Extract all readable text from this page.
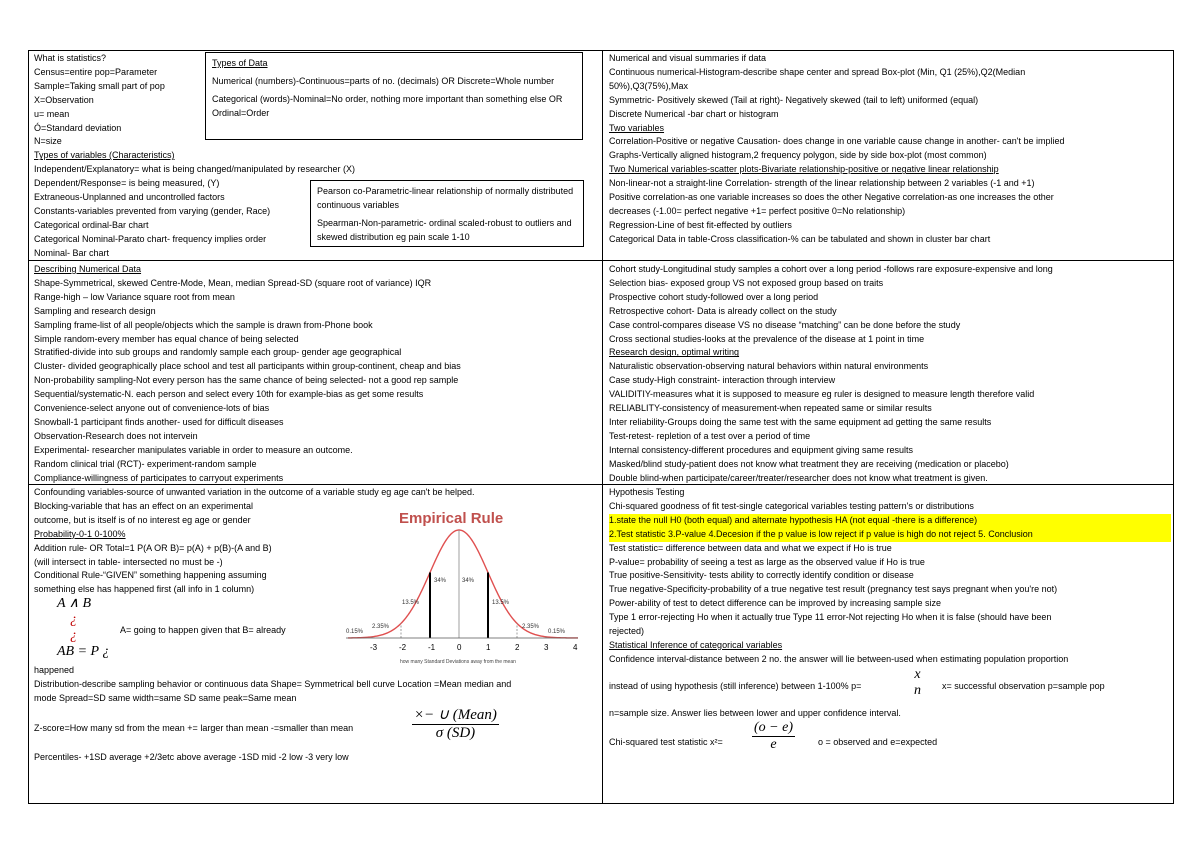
What is statistics?
Census=entire pop=Parameter
Sample=Taking small part of pop
X=Observation
u= mean
Ó=Standard deviation
N=size
Types of variables (Characteristics)
Independent/Explanatory= what is being changed/manipulated by researcher (X)
Dependent/Response= is being measured, (Y)
Extraneous-Unplanned and uncontrolled factors
Constants-variables prevented from varying (gender, Race)
Categorical ordinal-Bar chart
Categorical Nominal-Parato chart- frequency implies order
Nominal- Bar chart
Types of Data
Numerical (numbers)-Continuous=parts of no. (decimals) OR Discrete=Whole number
Categorical (words)-Nominal=No order, nothing more important than something else OR Ordinal=Order
Pearson co-Parametric-linear relationship of normally distributed continuous variables
Spearman-Non-parametric- ordinal scaled-robust to outliers and skewed distribution eg pain scale 1-10
Numerical and visual summaries if data
Continuous numerical-Histogram-describe shape center and spread Box-plot (Min, Q1 (25%),Q2(Median
50%),Q3(75%),Max
Symmetric- Positively skewed (Tail at right)- Negatively skewed (tail to left) uniformed (equal)
Discrete Numerical -bar chart or histogram
Two variables
Correlation-Positive or negative Causation- does change in one variable cause change in another- can't be implied
Graphs-Vertically aligned histogram,2 frequency polygon, side by side box-plot (most common)
Two Numerical variables-scatter plots-Bivariate relationship-positive or negative linear relationship
Non-linear-not a straight-line Correlation- strength of the linear relationship between 2 variables (-1 and +1)
Positive correlation-as one variable increases so does the other Negative correlation-as one increases the other
decreases (-1.00= perfect negative +1= perfect positive 0=No relationship)
Regression-Line of best fit-effected by outliers
Categorical Data in table-Cross classification-% can be tabulated and shown in cluster bar chart
Describing Numerical Data
Shape-Symmetrical, skewed Centre-Mode, Mean, median Spread-SD (square root of variance) IQR
Range-high – low Variance square root from mean
Sampling and research design
Sampling frame-list of all people/objects which the sample is drawn from-Phone book
Simple random-every member has equal chance of being selected
Stratified-divide into sub groups and randomly sample each group- gender age geographical
Cluster- divided geographically place school and test all participants within group-continent, cheap and bias
Non-probability sampling-Not every person has the same chance of being selected- not a good rep sample
Sequential/systematic-N. each person and select every 10th for example-bias as get some results
Convenience-select anyone out of convenience-lots of bias
Snowball-1 participant finds another- used for difficult diseases
Observation-Research does not intervein
Experimental- researcher manipulates variable in order to measure an outcome.
Random clinical trial (RCT)- experiment-random sample
Compliance-willingness of participates to carryout experiments
Cohort study-Longitudinal study samples a cohort over a long period -follows rare exposure-expensive and long
Selection bias- exposed group VS not exposed group based on traits
Prospective cohort study-followed over a long period
Retrospective cohort- Data is already collect on the study
Case control-compares disease VS no disease “matching” can be done before the study
Cross sectional studies-looks at the prevalence of the disease at 1 point in time
Research design, optimal writing
Naturalistic observation-observing natural behaviors within natural environments
Case study-High constraint- interaction through interview
VALIDITIY-measures what it is supposed to measure eg ruler is designed to measure length therefore valid
RELIABLITY-consistency of measurement-when repeated same or similar results
Inter reliability-Groups doing the same test with the same equipment ad getting the same results
Test-retest- repletion of a test over a period of time
Internal consistency-different procedures and equipment giving same results
Masked/blind study-patient does not know what treatment they are receiving (medication or placebo)
Double blind-when participate/career/treater/researcher does not know what treatment is given.
Confounding variables-source of unwanted variation in the outcome of a variable study eg age can't be helped.
Blocking-variable that has an effect on an experimental
outcome, but is itself is of no interest eg age or gender
Probability-0-1 0-100%
Addition rule- OR Total=1 P(A OR B)= p(A) + p(B)-(A and B)
(will intersect in table- intersected no must be -)
Conditional Rule-“GIVEN” something happening assuming
something else has happened first (all info in 1 column)
A ∧ B
¿
¿
AB = P ¿
A= going to happen given that B= already
happened
Distribution-describe sampling behavior or continuous data Shape= Symmetrical bell curve Location =Mean median and
mode Spread=SD same width=same SD same peak=Same mean
Z-score=How many sd from the mean += larger than mean -=smaller than mean	$\frac{\text{×− ∪ (Mean)}}{\sigma (SD)}$
Percentiles- +1SD average +2/3etc above average -1SD mid -2 low -3 very low
Empirical Rule
0.15%
2.35%
13.5%
34%	34%
13.5%
2.35%
0.15%
-3	-2	-1	0	1	2	3	4
how many Standard Deviations away from the mean
Hypothesis Testing
Chi-squared goodness of fit test-single categorical variables testing pattern's or distributions
1.state the null H0 (both equal) and alternate hypothesis HA (not equal -there is a difference)
2.Test statistic 3.P-value 4.Decesion if the p value is low reject if p value is high do not reject 5. Conclusion
Test statistic= difference between data and what we expect if Ho is true
P-value= probability of seeing a test as large as the observed value if Ho is true
True positive-Sensitivity- tests ability to correctly identify condition or disease
True negative-Specificity-probability of a true negative test result (pregnancy test says pregnant when you're not)
Power-ability of test to detect difference can be improved by increasing sample size
Type 1 error-rejecting Ho when it actually true Type 11 error-Not rejecting Ho when it is false (should have been
rejected)
Statistical Inference of categorical variables
Confidence interval-distance between 2 no. the answer will lie between-used when estimating population proportion
instead of using hypothesis (still inference) between 1-100% p=
x
n x= successful observation p=sample pop
n=sample size. Answer lies between lower and upper confidence interval.
Chi-squared test statistic $x^2= \frac{(o - e)}{e}$	o = observed and e=expected
